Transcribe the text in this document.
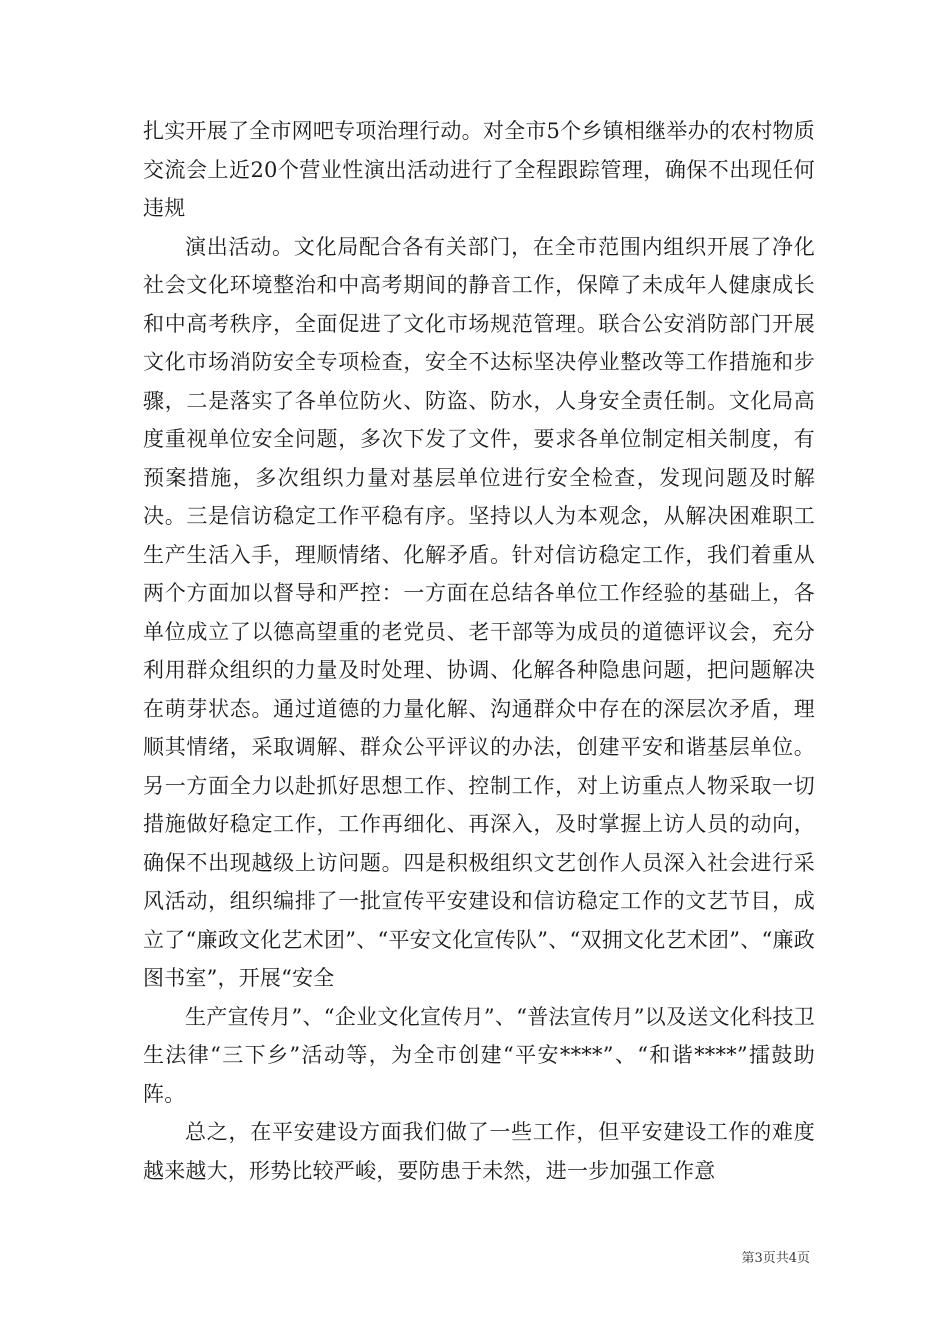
扎实开展了全市网吧专项治理行动。对全市5个乡镇相继举办的农村物质交流会上近20个营业性演出活动进行了全程跟踪管理，确保不出现任何违规

演出活动。文化局配合各有关部门，在全市范围内组织开展了净化社会文化环境整治和中高考期间的静音工作，保障了未成年人健康成长和中高考秩序，全面促进了文化市场规范管理。联合公安消防部门开展文化市场消防安全专项检查，安全不达标坚决停业整改等工作措施和步骤，二是落实了各单位防火、防盗、防水，人身安全责任制。文化局高度重视单位安全问题，多次下发了文件，要求各单位制定相关制度，有预案措施，多次组织力量对基层单位进行安全检查，发现问题及时解决。三是信访稳定工作平稳有序。坚持以人为本观念，从解决困难职工生产生活入手，理顺情绪、化解矛盾。针对信访稳定工作，我们着重从两个方面加以督导和严控：一方面在总结各单位工作经验的基础上，各单位成立了以德高望重的老党员、老干部等为成员的道德评议会，充分利用群众组织的力量及时处理、协调、化解各种隐患问题，把问题解决在萌芽状态。通过道德的力量化解、沟通群众中存在的深层次矛盾，理顺其情绪，采取调解、群众公平评议的办法，创建平安和谐基层单位。另一方面全力以赴抓好思想工作、控制工作，对上访重点人物采取一切措施做好稳定工作，工作再细化、再深入，及时掌握上访人员的动向，确保不出现越级上访问题。四是积极组织文艺创作人员深入社会进行采风活动，组织编排了一批宣传平安建设和信访稳定工作的文艺节目，成立了“廉政文化艺术团”、“平安文化宣传队”、“双拥文化艺术团”、“廉政图书室”，开展“安全

生产宣传月”、“企业文化宣传月”、“普法宣传月”以及送文化科技卫生法律“三下乡”活动等，为全市创建“平安****”、“和谐****”擂鼓助阵。

总之，在平安建设方面我们做了一些工作，但平安建设工作的难度越来越大，形势比较严峻，要防患于未然，进一步加强工作意

第3页共4页
